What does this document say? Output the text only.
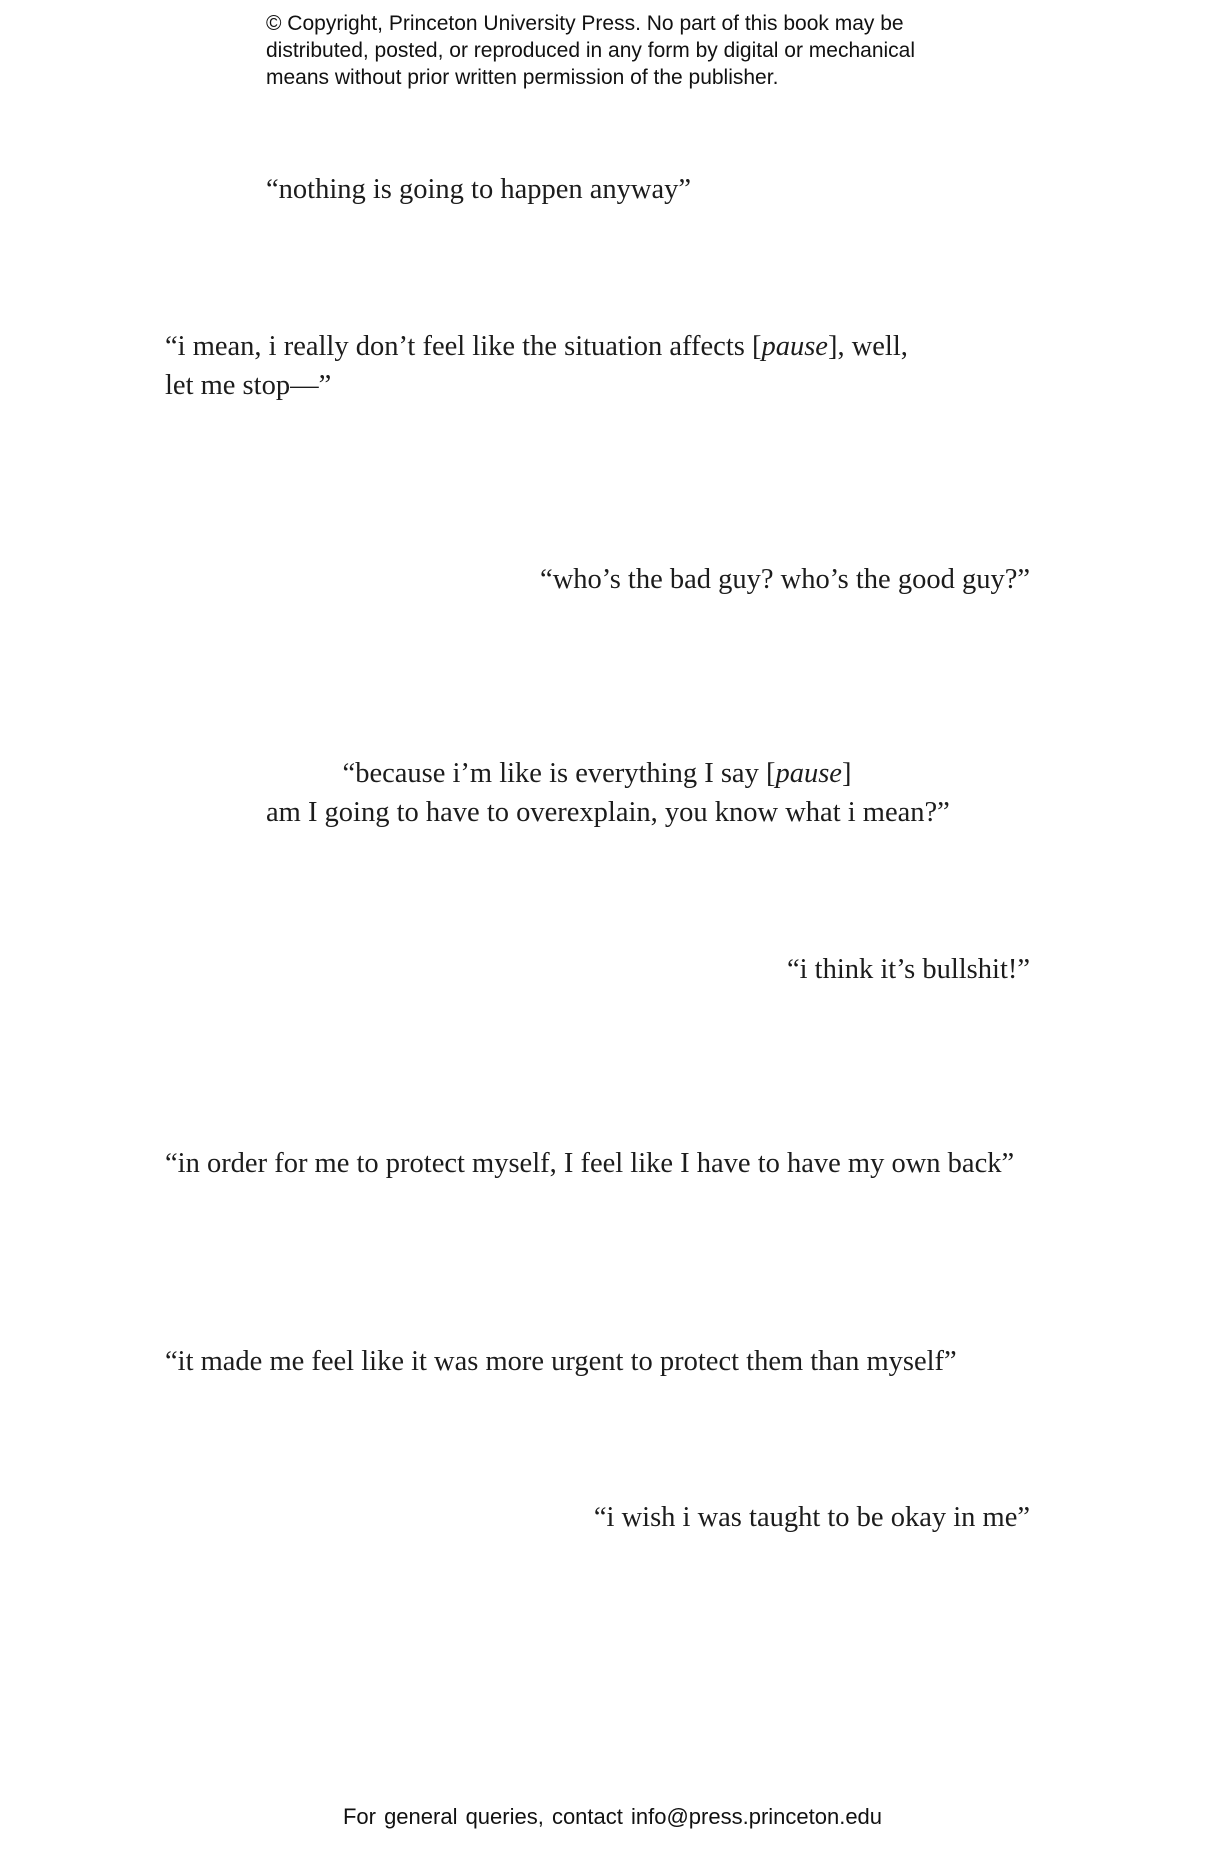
© Copyright, Princeton University Press. No part of this book may be
distributed, posted, or reproduced in any form by digital or mechanical
means without prior written permission of the publisher.
“nothing is going to happen anyway”
“i mean, i really don’t feel like the situation affects [pause], well,
let me stop—”
“who’s the bad guy? who’s the good guy?”
“because i’m like is everything I say [pause]
am I going to have to overexplain, you know what i mean?”
“i think it’s bullshit!”
“in order for me to protect myself, I feel like I have to have my own back”
“it made me feel like it was more urgent to protect them than myself”
“i wish i was taught to be okay in me”
For general queries, contact info@press.princeton.edu
